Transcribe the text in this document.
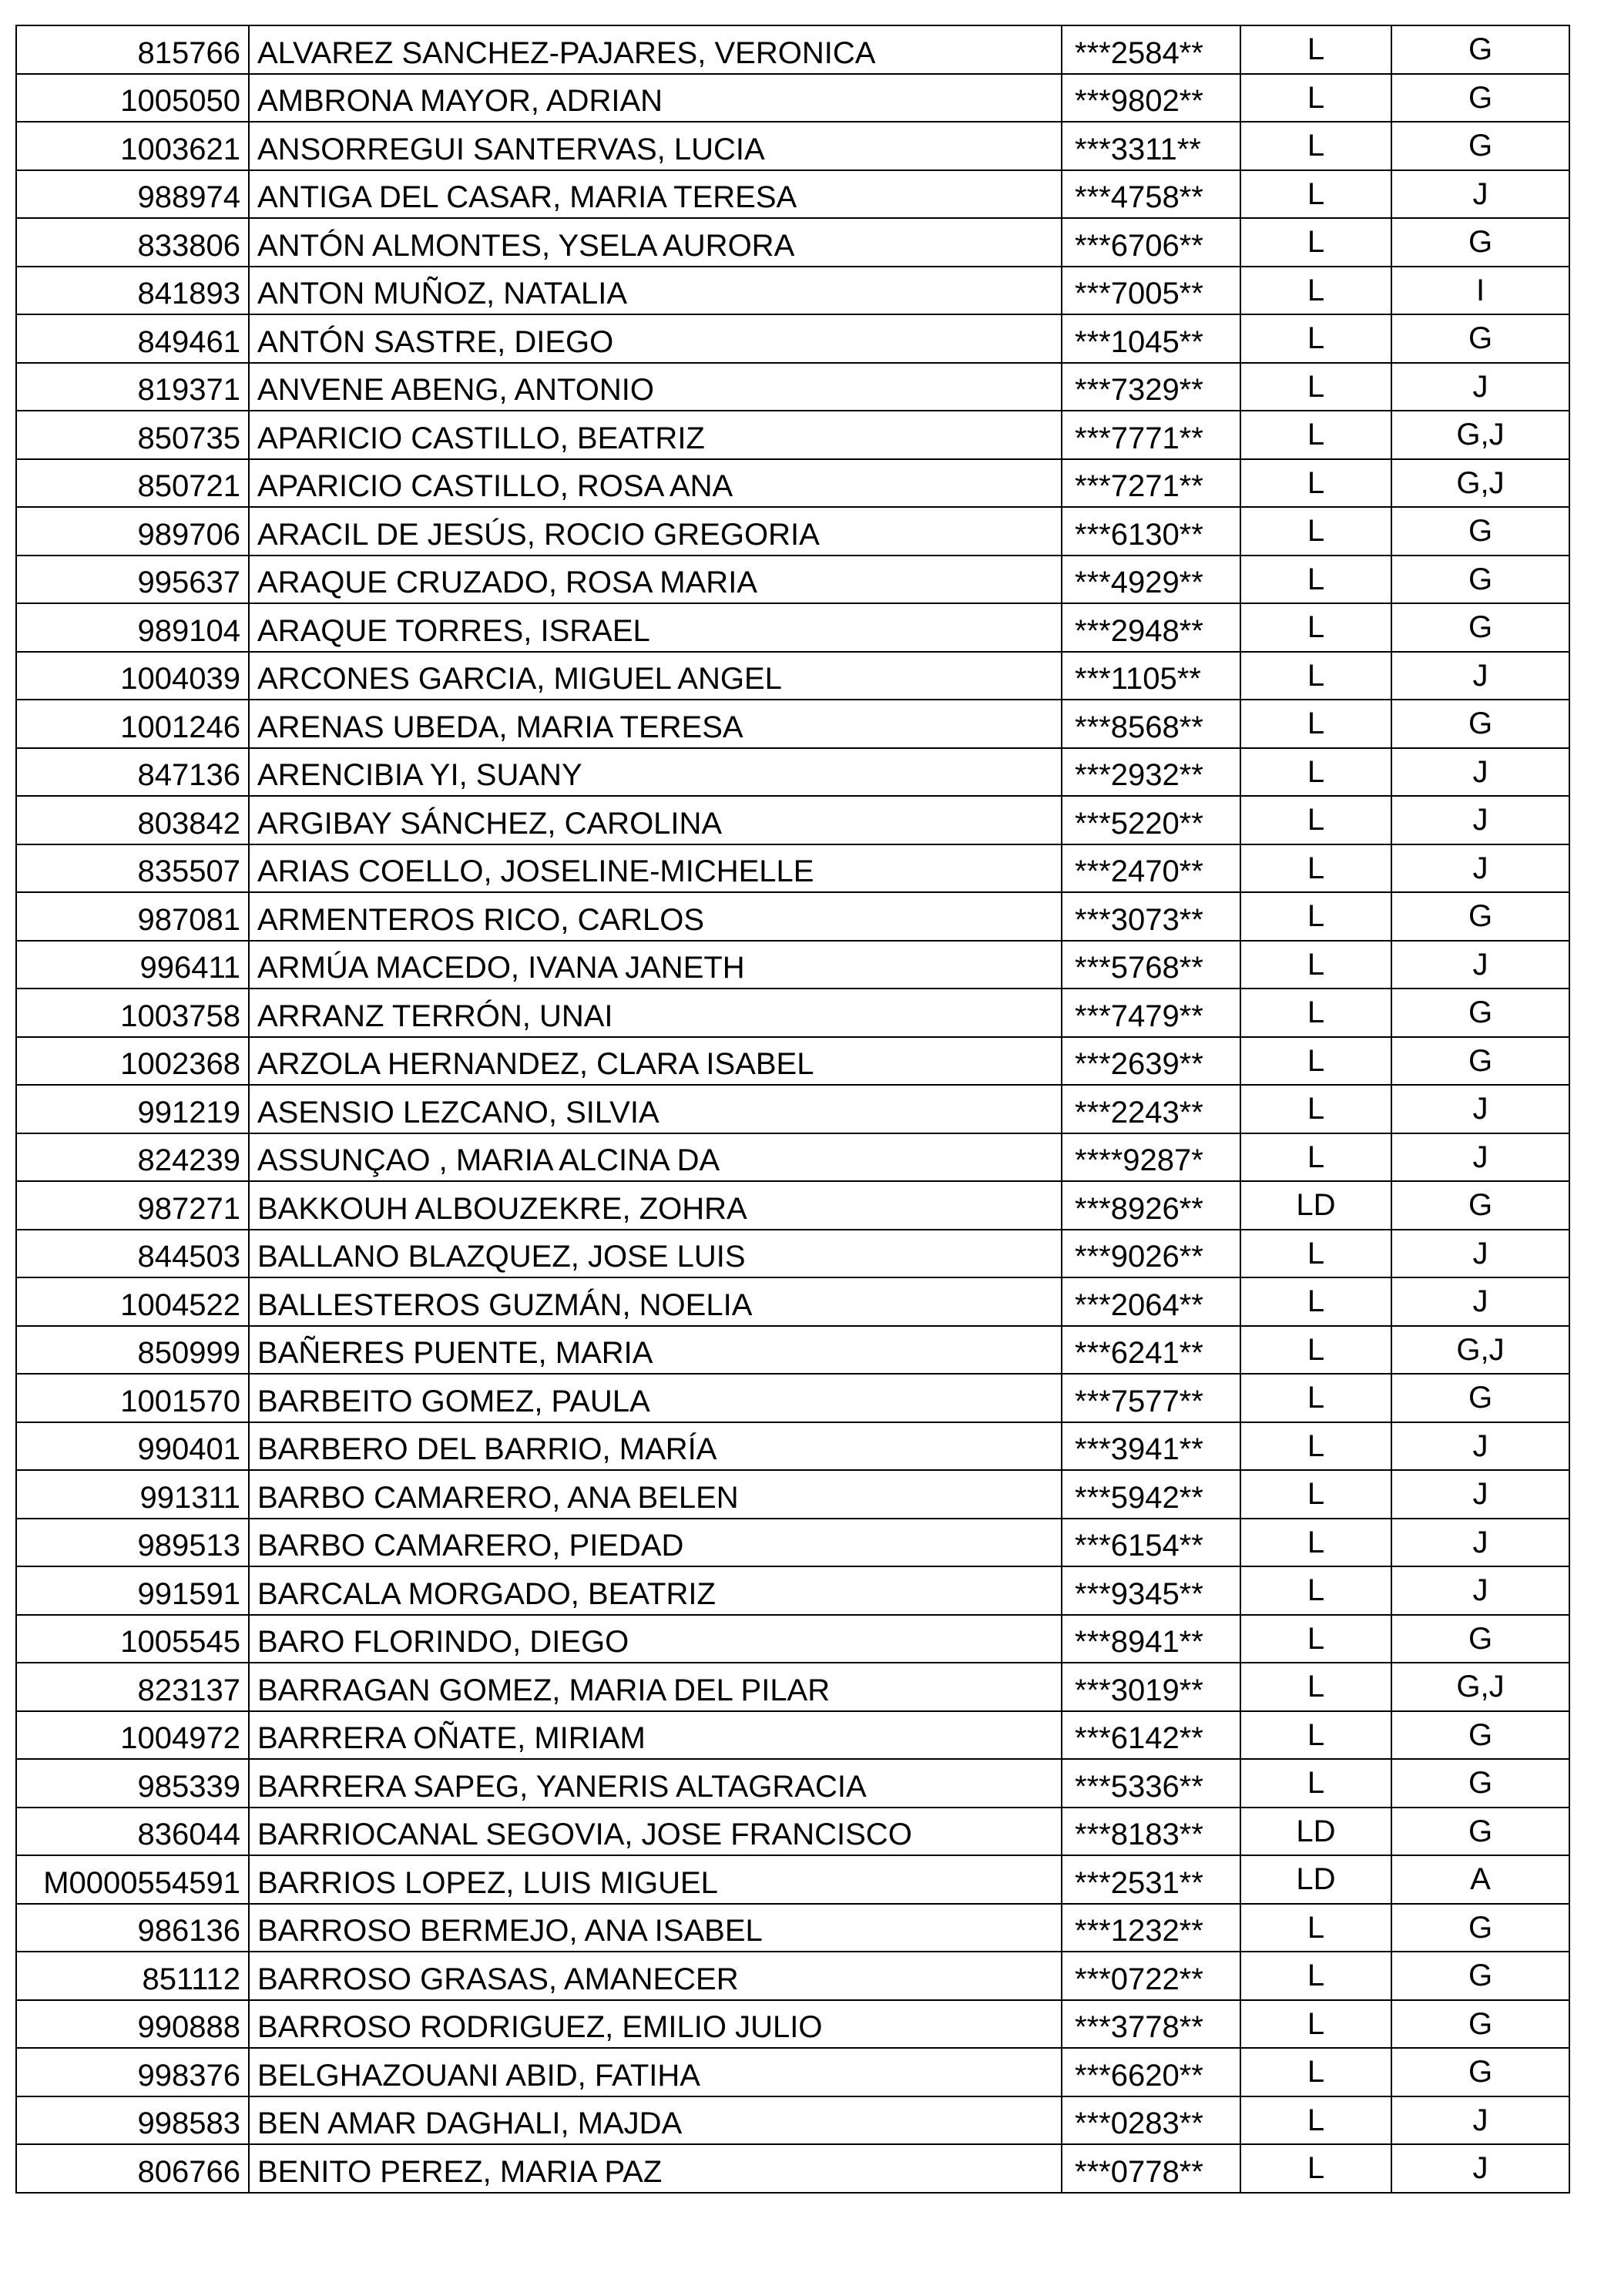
815766	ALVAREZ SANCHEZ-PAJARES, VERONICA	***2584**	L	G
1005050	AMBRONA MAYOR, ADRIAN	***9802**	L	G
1003621	ANSORREGUI SANTERVAS, LUCIA	***3311**	L	G
988974	ANTIGA DEL CASAR, MARIA TERESA	***4758**	L	J
833806	ANTÓN ALMONTES, YSELA AURORA	***6706**	L	G
841893	ANTON MUÑOZ, NATALIA	***7005**	L	I
849461	ANTÓN SASTRE, DIEGO	***1045**	L	G
819371	ANVENE ABENG, ANTONIO	***7329**	L	J
850735	APARICIO CASTILLO, BEATRIZ	***7771**	L	G,J
850721	APARICIO CASTILLO, ROSA ANA	***7271**	L	G,J
989706	ARACIL DE JESÚS, ROCIO GREGORIA	***6130**	L	G
995637	ARAQUE CRUZADO, ROSA MARIA	***4929**	L	G
989104	ARAQUE TORRES, ISRAEL	***2948**	L	G
1004039	ARCONES GARCIA, MIGUEL ANGEL	***1105**	L	J
1001246	ARENAS UBEDA, MARIA TERESA	***8568**	L	G
847136	ARENCIBIA YI, SUANY	***2932**	L	J
803842	ARGIBAY SÁNCHEZ, CAROLINA	***5220**	L	J
835507	ARIAS COELLO, JOSELINE-MICHELLE	***2470**	L	J
987081	ARMENTEROS RICO, CARLOS	***3073**	L	G
996411	ARMÚA MACEDO, IVANA JANETH	***5768**	L	J
1003758	ARRANZ TERRÓN, UNAI	***7479**	L	G
1002368	ARZOLA HERNANDEZ, CLARA ISABEL	***2639**	L	G
991219	ASENSIO LEZCANO, SILVIA	***2243**	L	J
824239	ASSUNÇAO , MARIA ALCINA DA	****9287*	L	J
987271	BAKKOUH ALBOUZEKRE, ZOHRA	***8926**	LD	G
844503	BALLANO BLAZQUEZ, JOSE LUIS	***9026**	L	J
1004522	BALLESTEROS GUZMÁN, NOELIA	***2064**	L	J
850999	BAÑERES PUENTE, MARIA	***6241**	L	G,J
1001570	BARBEITO GOMEZ, PAULA	***7577**	L	G
990401	BARBERO DEL BARRIO, MARÍA	***3941**	L	J
991311	BARBO CAMARERO, ANA BELEN	***5942**	L	J
989513	BARBO CAMARERO, PIEDAD	***6154**	L	J
991591	BARCALA MORGADO, BEATRIZ	***9345**	L	J
1005545	BARO FLORINDO, DIEGO	***8941**	L	G
823137	BARRAGAN GOMEZ, MARIA DEL PILAR	***3019**	L	G,J
1004972	BARRERA OÑATE, MIRIAM	***6142**	L	G
985339	BARRERA SAPEG, YANERIS ALTAGRACIA	***5336**	L	G
836044	BARRIOCANAL SEGOVIA, JOSE FRANCISCO	***8183**	LD	G
M0000554591	BARRIOS LOPEZ, LUIS MIGUEL	***2531**	LD	A
986136	BARROSO BERMEJO, ANA ISABEL	***1232**	L	G
851112	BARROSO GRASAS, AMANECER	***0722**	L	G
990888	BARROSO RODRIGUEZ, EMILIO JULIO	***3778**	L	G
998376	BELGHAZOUANI ABID, FATIHA	***6620**	L	G
998583	BEN AMAR DAGHALI, MAJDA	***0283**	L	J
806766	BENITO PEREZ, MARIA PAZ	***0778**	L	J
